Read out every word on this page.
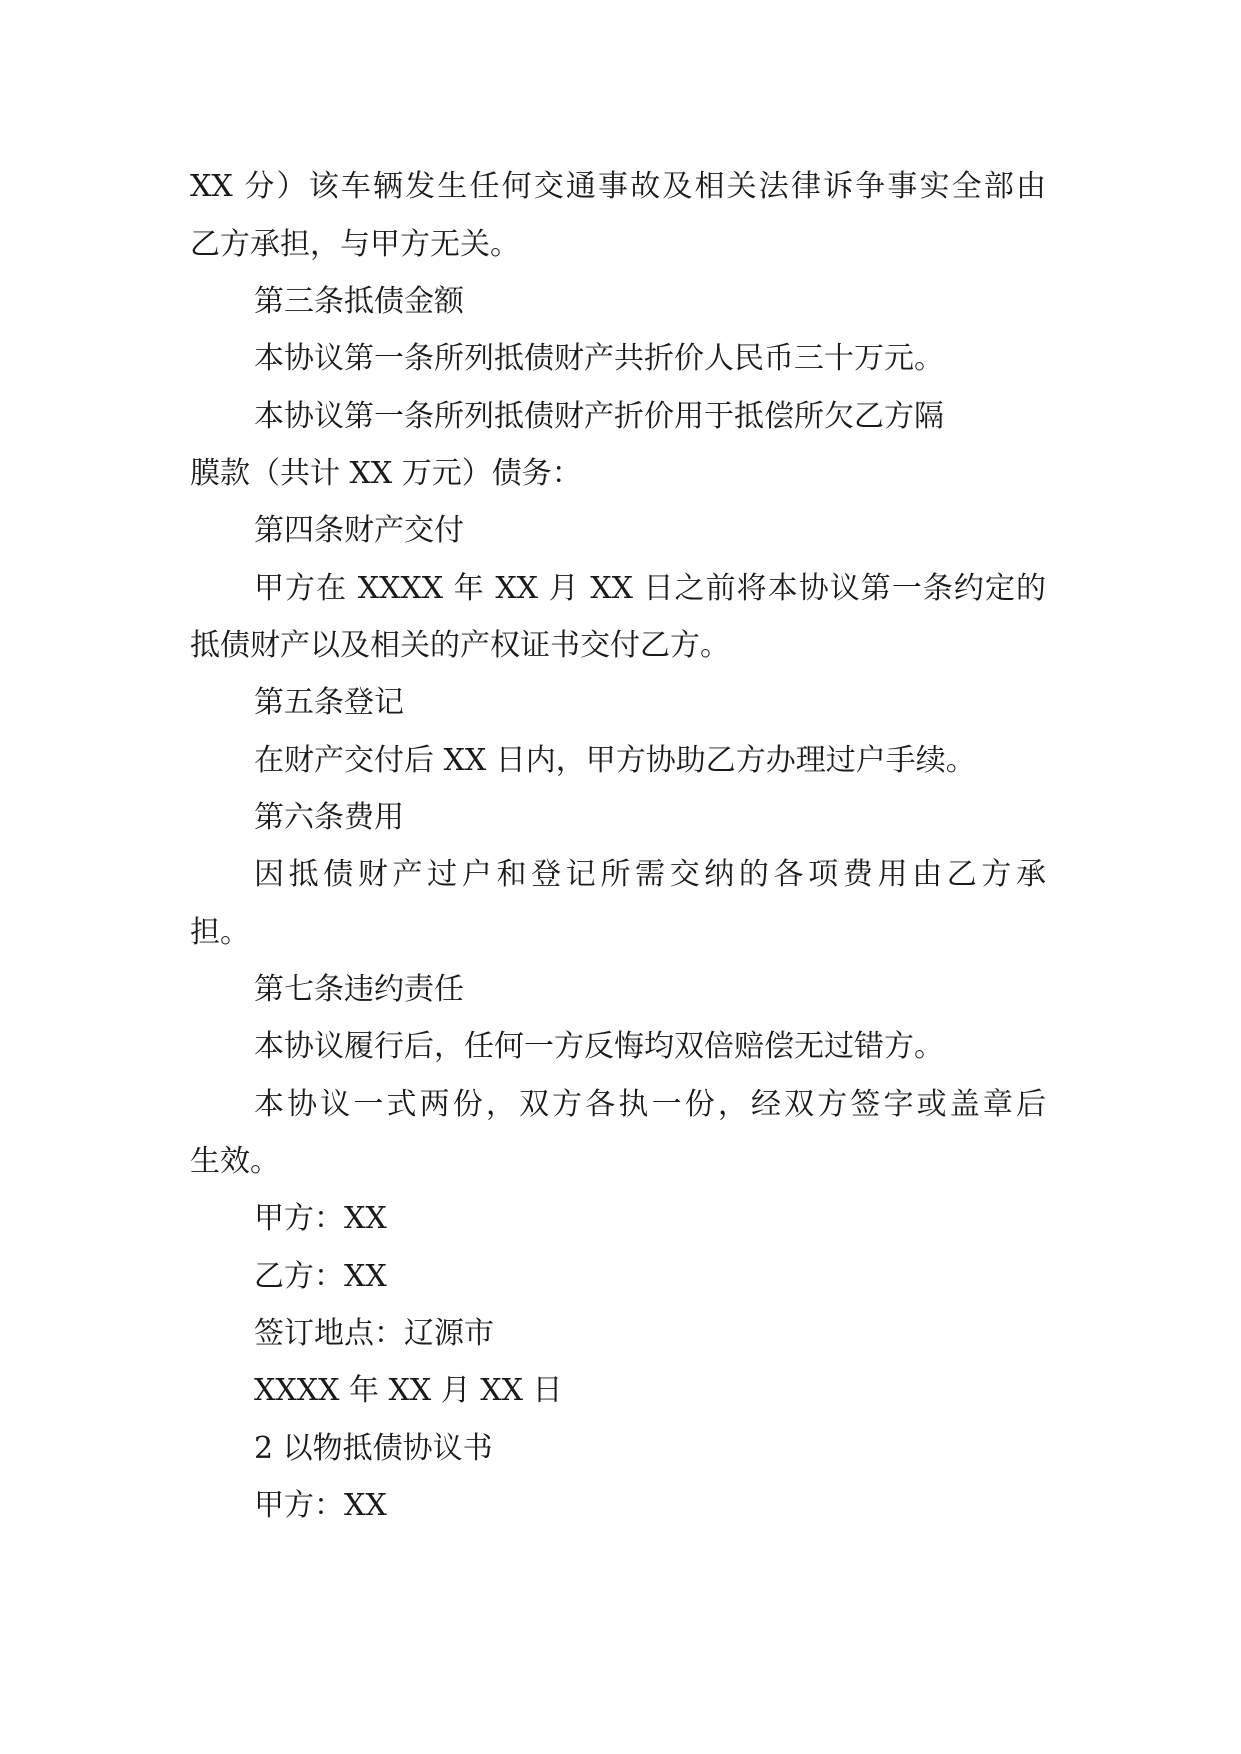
XX 分）该车辆发生任何交通事故及相关法律诉争事实全部由
乙方承担，与甲方无关。
第三条抵债金额
本协议第一条所列抵债财产共折价人民币三十万元。
本协议第一条所列抵债财产折价用于抵偿所欠乙方隔
膜款（共计 XX 万元）债务：
第四条财产交付
甲方在 XXXX 年 XX 月 XX 日之前将本协议第一条约定的
抵债财产以及相关的产权证书交付乙方。
第五条登记
在财产交付后 XX 日内，甲方协助乙方办理过户手续。
第六条费用
因抵债财产过户和登记所需交纳的各项费用由乙方承
担。
第七条违约责任
本协议履行后，任何一方反悔均双倍赔偿无过错方。
本协议一式两份，双方各执一份，经双方签字或盖章后
生效。
甲方：XX
乙方：XX
签订地点：辽源市
XXXX 年 XX 月 XX 日
2 以物抵债协议书
甲方：XX
